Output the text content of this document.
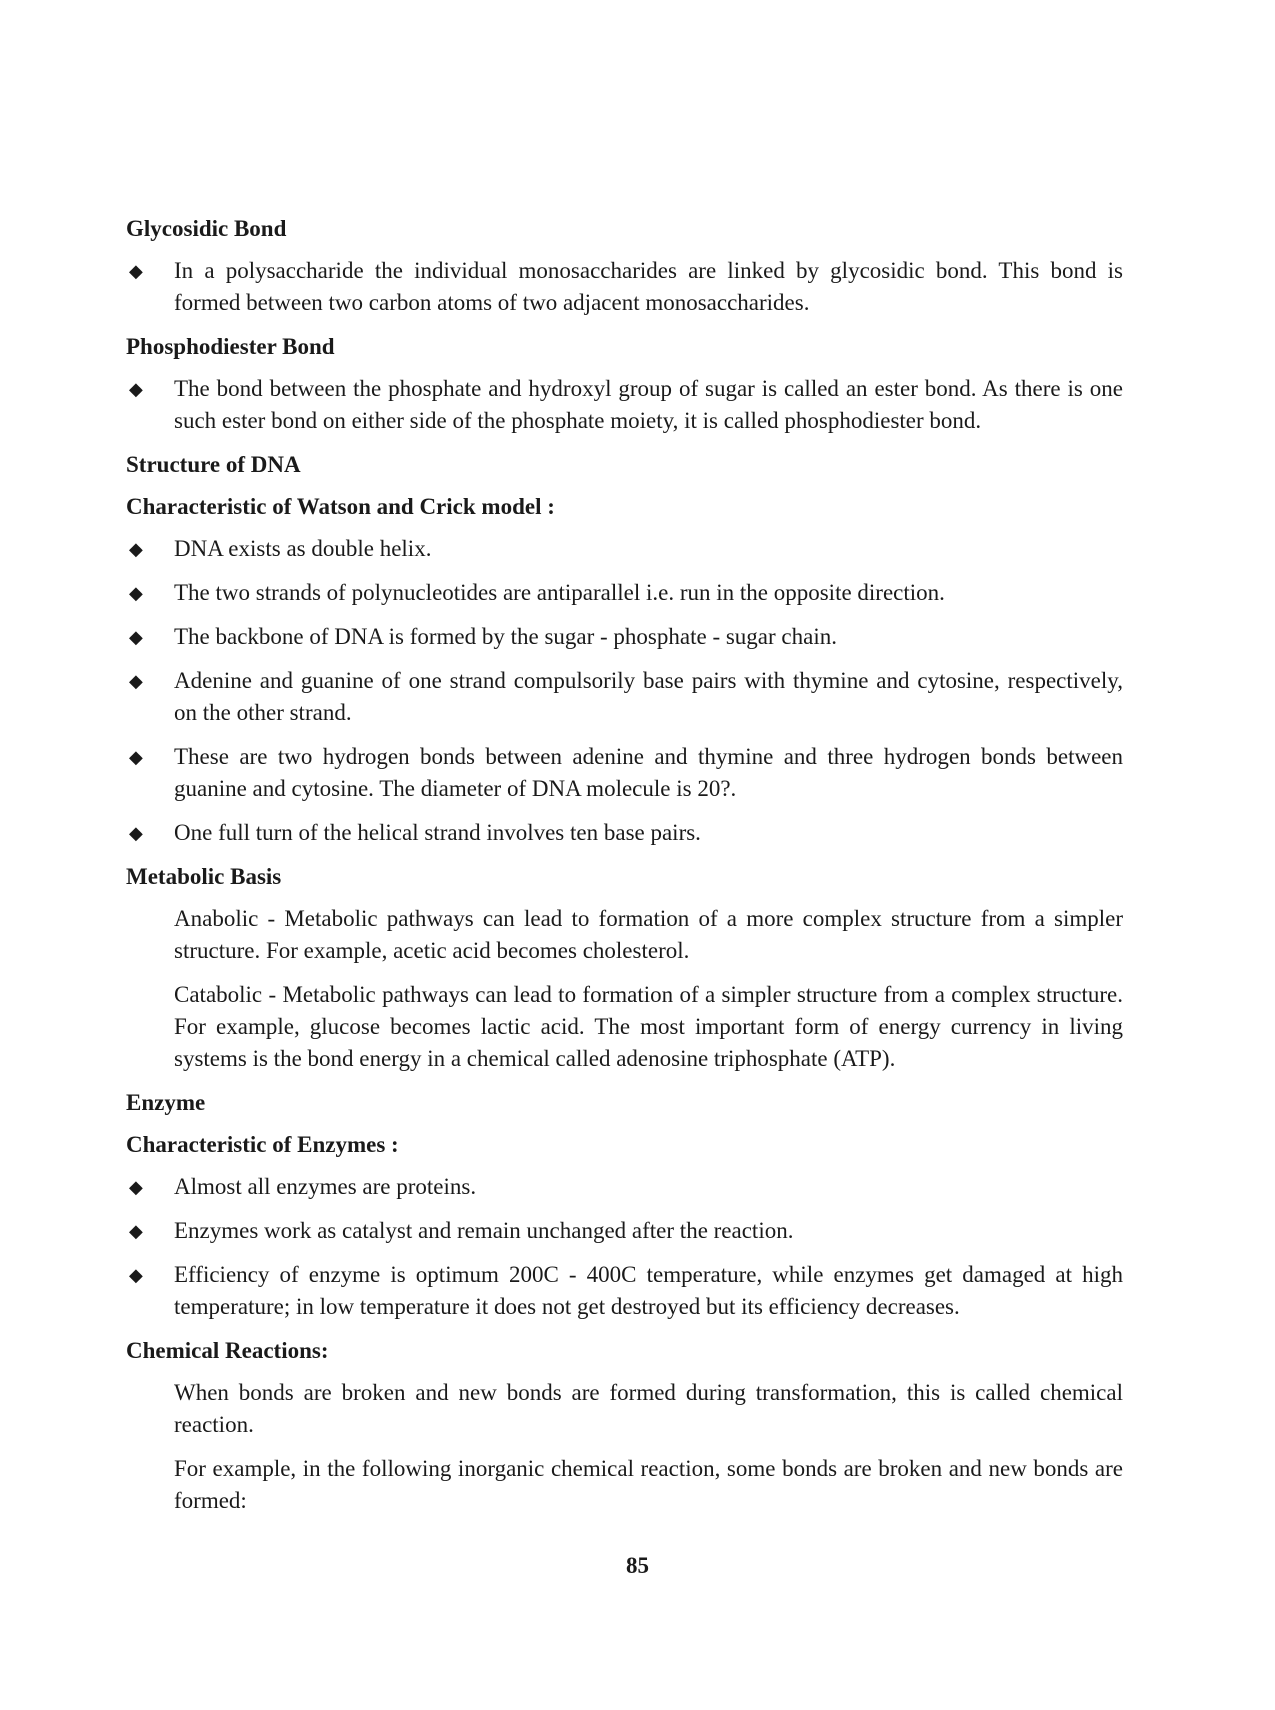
Glycosidic Bond
◆ In a polysaccharide the individual monosaccharides are linked by glycosidic bond. This bond is formed between two carbon atoms of two adjacent monosaccharides.
Phosphodiester Bond
◆ The bond between the phosphate and hydroxyl group of sugar is called an ester bond. As there is one such ester bond on either side of the phosphate moiety, it is called phosphodiester bond.
Structure of DNA
Characteristic of Watson and Crick model :
◆ DNA exists as double helix.
◆ The two strands of polynucleotides are antiparallel i.e. run in the opposite direction.
◆ The backbone of DNA is formed by the sugar - phosphate - sugar chain.
◆ Adenine and guanine of one strand compulsorily base pairs with thymine and cytosine, respectively, on the other strand.
◆ These are two hydrogen bonds between adenine and thymine and three hydrogen bonds between guanine and cytosine. The diameter of DNA molecule is 20?.
◆ One full turn of the helical strand involves ten base pairs.
Metabolic Basis

Anabolic - Metabolic pathways can lead to formation of a more complex structure from a simpler structure. For example, acetic acid becomes cholesterol.

Catabolic - Metabolic pathways can lead to formation of a simpler structure from a complex structure. For example, glucose becomes lactic acid. The most important form of energy currency in living systems is the bond energy in a chemical called adenosine triphosphate (ATP).

Enzyme
Characteristic of Enzymes :
◆ Almost all enzymes are proteins.
◆ Enzymes work as catalyst and remain unchanged after the reaction.
◆ Efficiency of enzyme is optimum 200C - 400C temperature, while enzymes get damaged at high temperature; in low temperature it does not get destroyed but its efficiency decreases.
Chemical Reactions:

When bonds are broken and new bonds are formed during transformation, this is called chemical reaction.

For example, in the following inorganic chemical reaction, some bonds are broken and new bonds are formed:

85
